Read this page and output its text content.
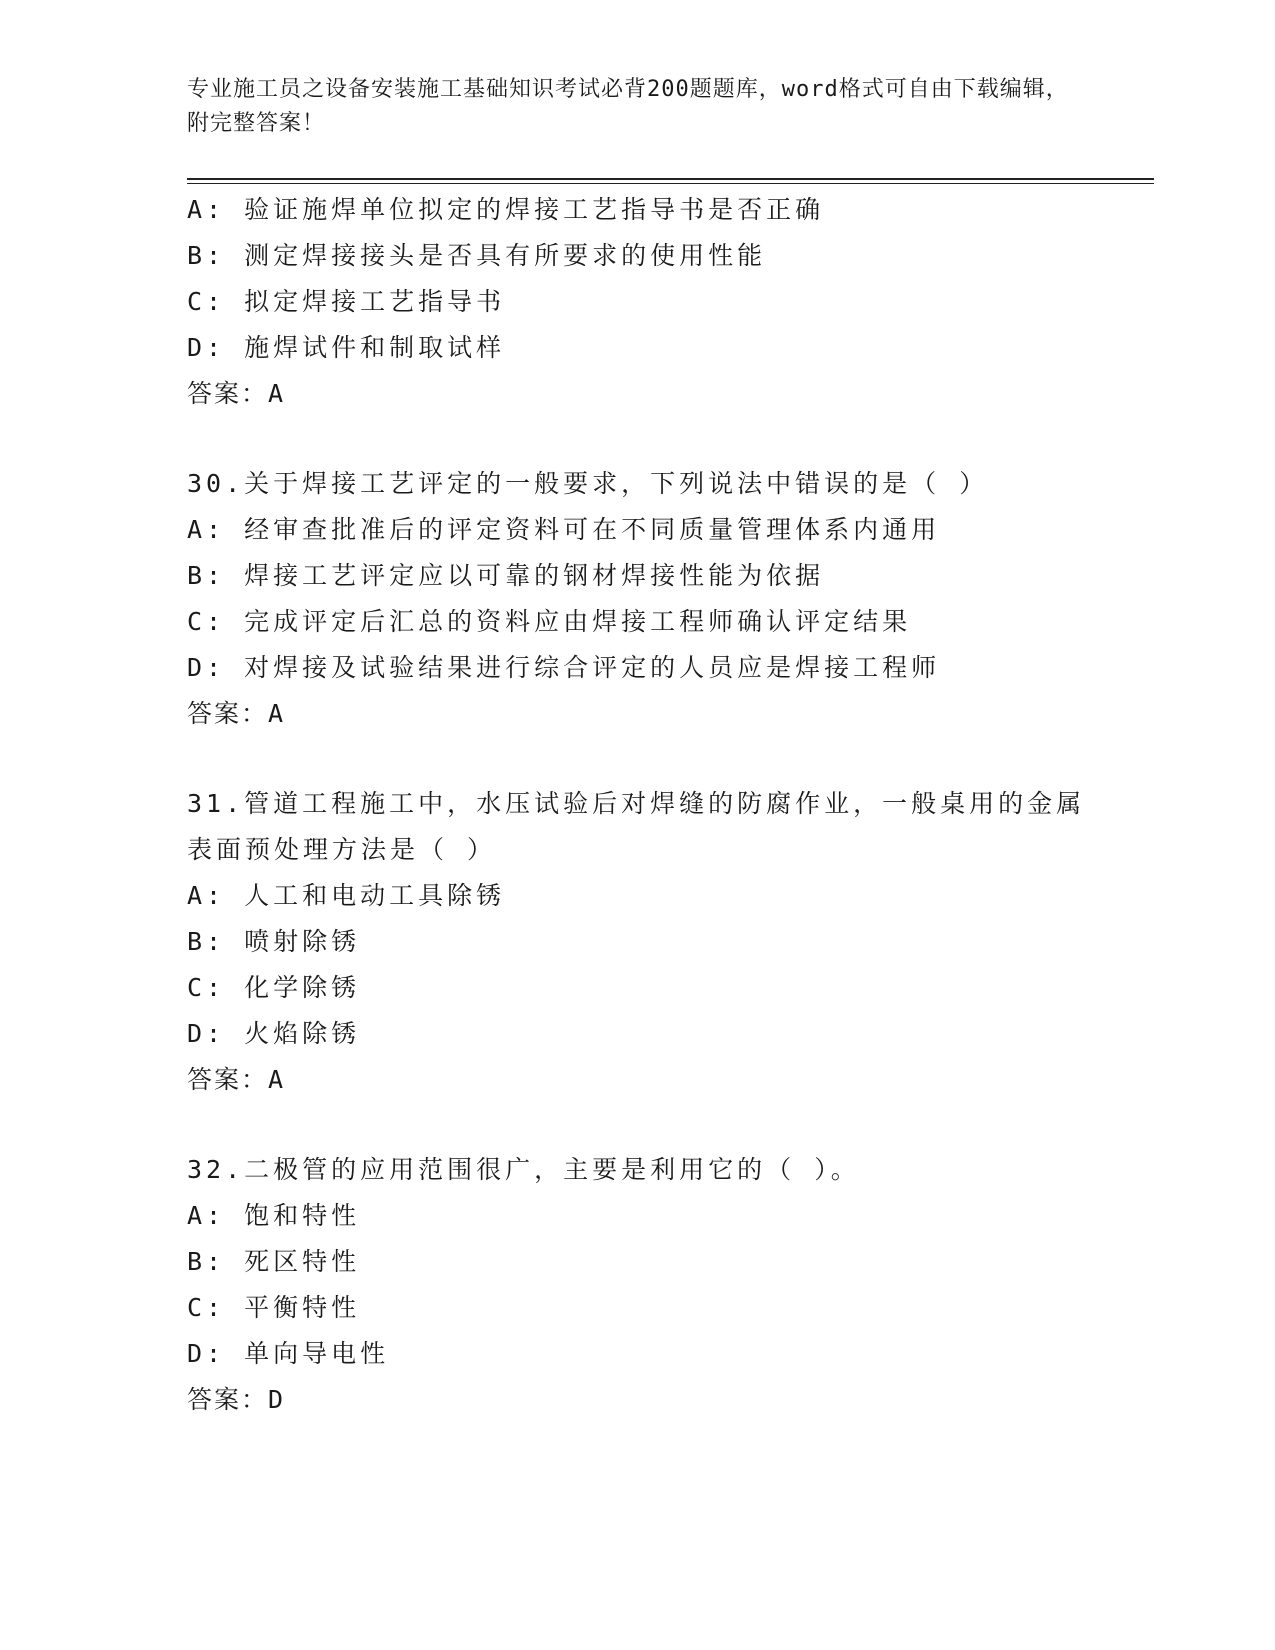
专业施工员之设备安装施工基础知识考试必背200题题库，word格式可自由下载编辑，附完整答案！
A: 验证施焊单位拟定的焊接工艺指导书是否正确
B: 测定焊接接头是否具有所要求的使用性能
C: 拟定焊接工艺指导书
D: 施焊试件和制取试样
答案：A
30.关于焊接工艺评定的一般要求，下列说法中错误的是（ ）
A: 经审查批准后的评定资料可在不同质量管理体系内通用
B: 焊接工艺评定应以可靠的钢材焊接性能为依据
C: 完成评定后汇总的资料应由焊接工程师确认评定结果
D: 对焊接及试验结果进行综合评定的人员应是焊接工程师
答案：A
31.管道工程施工中，水压试验后对焊缝的防腐作业，一般桌用的金属表面预处理方法是（ ）
A: 人工和电动工具除锈
B: 喷射除锈
C: 化学除锈
D: 火焰除锈
答案：A
32.二极管的应用范围很广，主要是利用它的（ ）。
A: 饱和特性
B: 死区特性
C: 平衡特性
D: 单向导电性
答案：D
